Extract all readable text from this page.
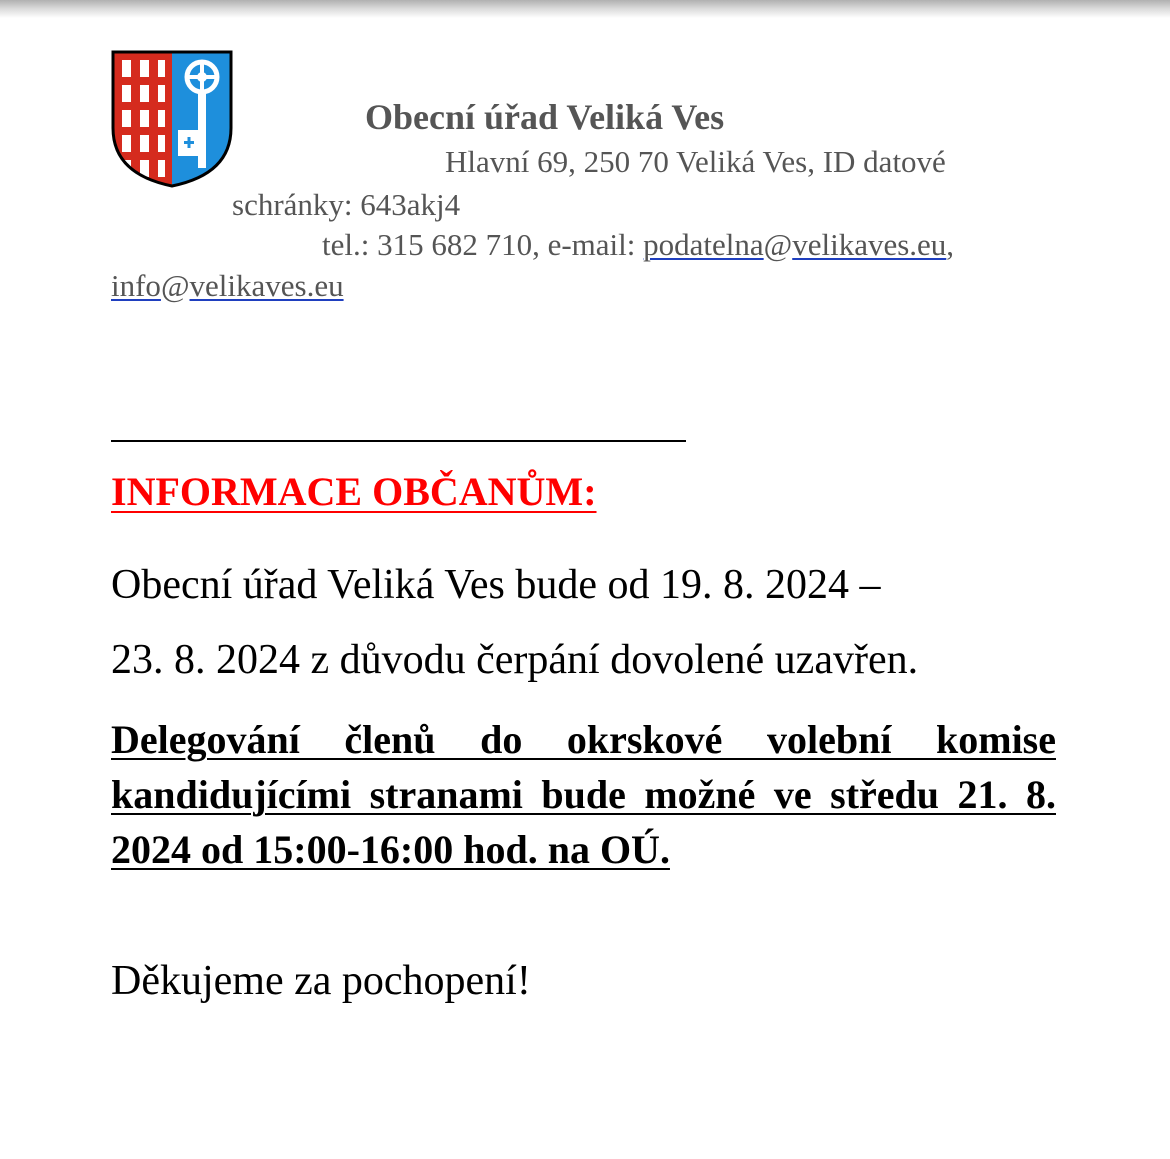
Obecní úřad Veliká Ves
Hlavní 69, 250 70 Veliká Ves, ID datové
schránky: 643akj4
tel.: 315 682 710, e-mail: podatelna@velikaves.eu,
info@velikaves.eu
INFORMACE OBČANŮM:
Obecní úřad Veliká Ves bude od 19. 8. 2024 –
23. 8. 2024 z důvodu čerpání dovolené uzavřen.
Delegování členů do okrskové volební komise kandidujícími stranami bude možné ve středu 21. 8. 2024 od 15:00-16:00 hod. na OÚ.
Děkujeme za pochopení!
